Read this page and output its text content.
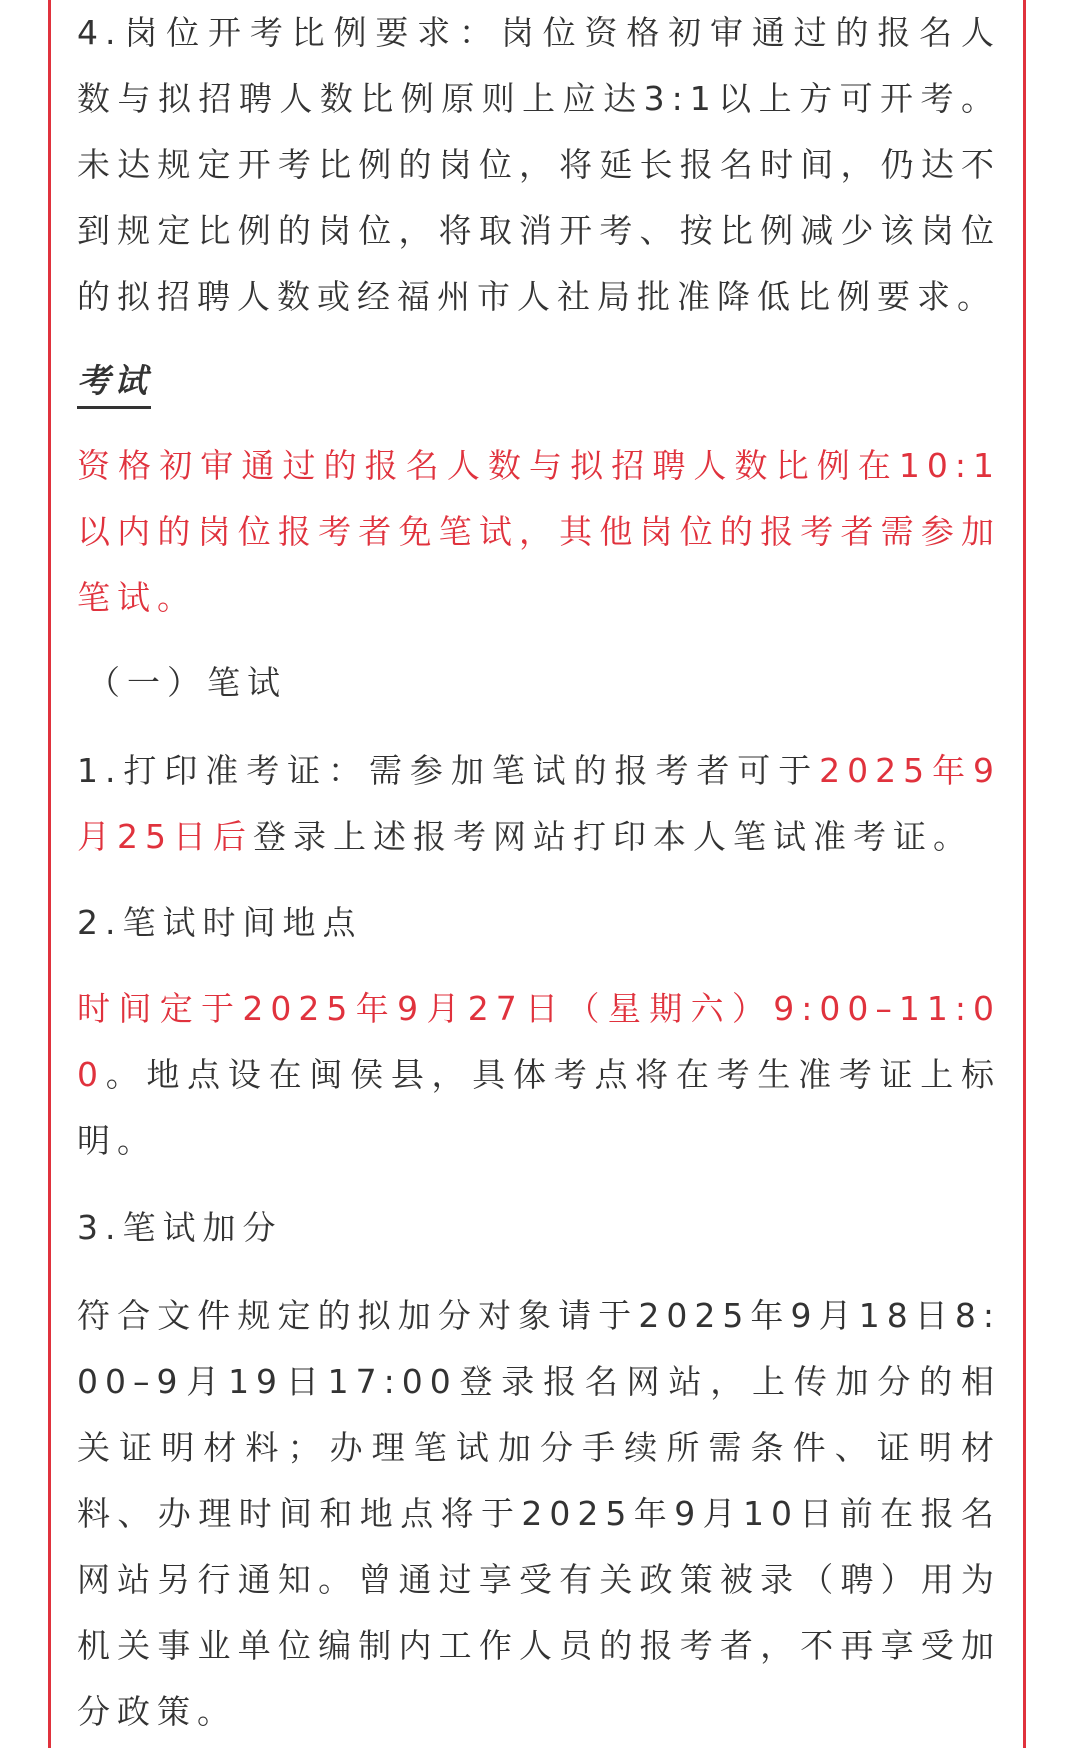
4.岗位开考比例要求：岗位资格初审通过的报名人数与拟招聘人数比例原则上应达3:1以上方可开考。未达规定开考比例的岗位，将延长报名时间，仍达不到规定比例的岗位，将取消开考、按比例减少该岗位的拟招聘人数或经福州市人社局批准降低比例要求。

考试

资格初审通过的报名人数与拟招聘人数比例在10:1以内的岗位报考者免笔试，其他岗位的报考者需参加笔试。

（一）笔试

1.打印准考证：需参加笔试的报考者可于2025年9月25日后登录上述报考网站打印本人笔试准考证。

2.笔试时间地点

时间定于2025年9月27日（星期六）9:00–11:00。地点设在闽侯县，具体考点将在考生准考证上标明。

3.笔试加分

符合文件规定的拟加分对象请于2025年9月18日8:00–9月19日17:00登录报名网站，上传加分的相关证明材料；办理笔试加分手续所需条件、证明材料、办理时间和地点将于2025年9月10日前在报名网站另行通知。曾通过享受有关政策被录（聘）用为机关事业单位编制内工作人员的报考者，不再享受加分政策。
